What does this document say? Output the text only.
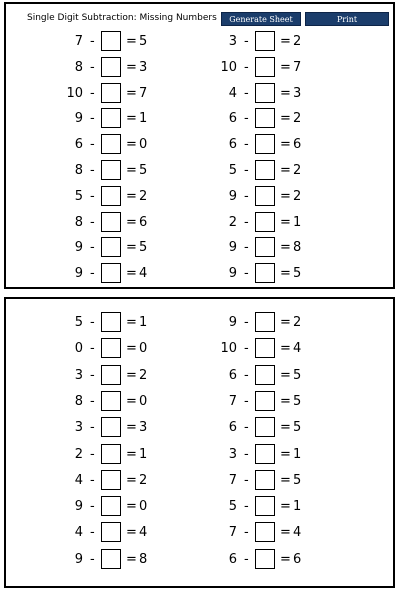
Single Digit Subtraction: Missing Numbers	Generate Sheet	Print
7 - = 5
8 - = 3
10 - = 7
9 - = 1
6 - = 0
8 - = 5
5 - = 2
8 - = 6
9 - = 5
9 - = 4
3 - = 2
10 - = 7
4 - = 3
6 - = 2
6 - = 6
5 - = 2
9 - = 2
2 - = 1
9 - = 8
9 - = 5
5 - = 1
0 - = 0
3 - = 2
8 - = 0
3 - = 3
2 - = 1
4 - = 2
9 - = 0
4 - = 4
9 - = 8
9 - = 2
10 - = 4
6 - = 5
7 - = 5
6 - = 5
3 - = 1
7 - = 5
5 - = 1
7 - = 4
6 - = 6
